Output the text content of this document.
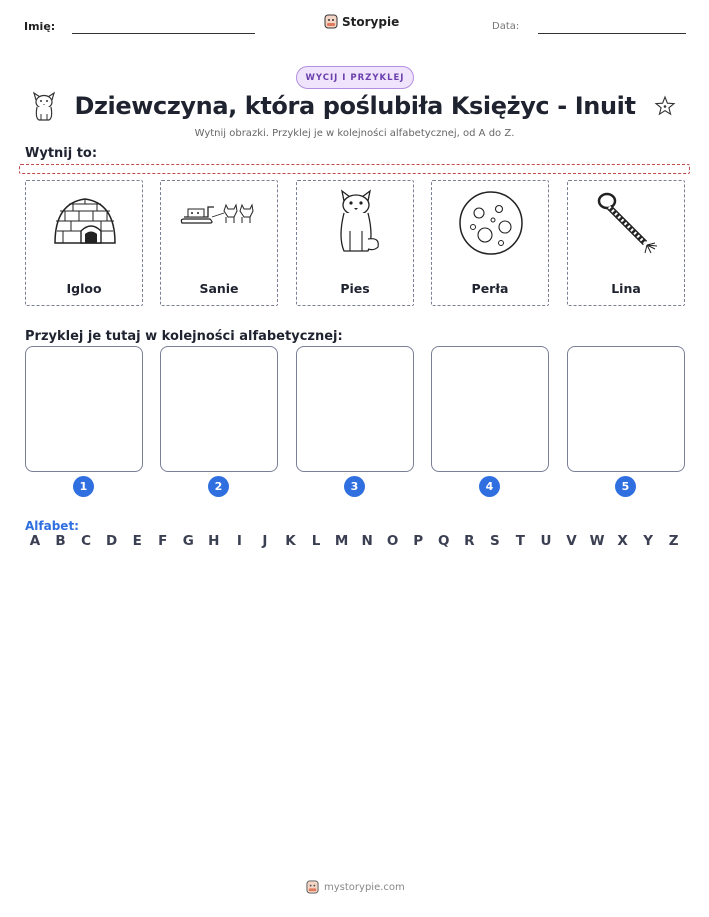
Imię:	Storypie	Data:
WYCIJ I PRZYKLEJ
Dziewczyna, która poślubiła Księżyc - Inuit
Wytnij obrazki. Przyklej je w kolejności alfabetycznej, od A do Z.
Wytnij to:
Igloo	Sanie	Pies	Perła	Lina
Przyklej je tutaj w kolejności alfabetycznej:
1	2	3	4	5
Alfabet:
A	B	C	D	E	F	G	H	I	J	K	L	M N	O	P	Q	R	S	T	U	V W X	Y	Z
mystorypie.com
